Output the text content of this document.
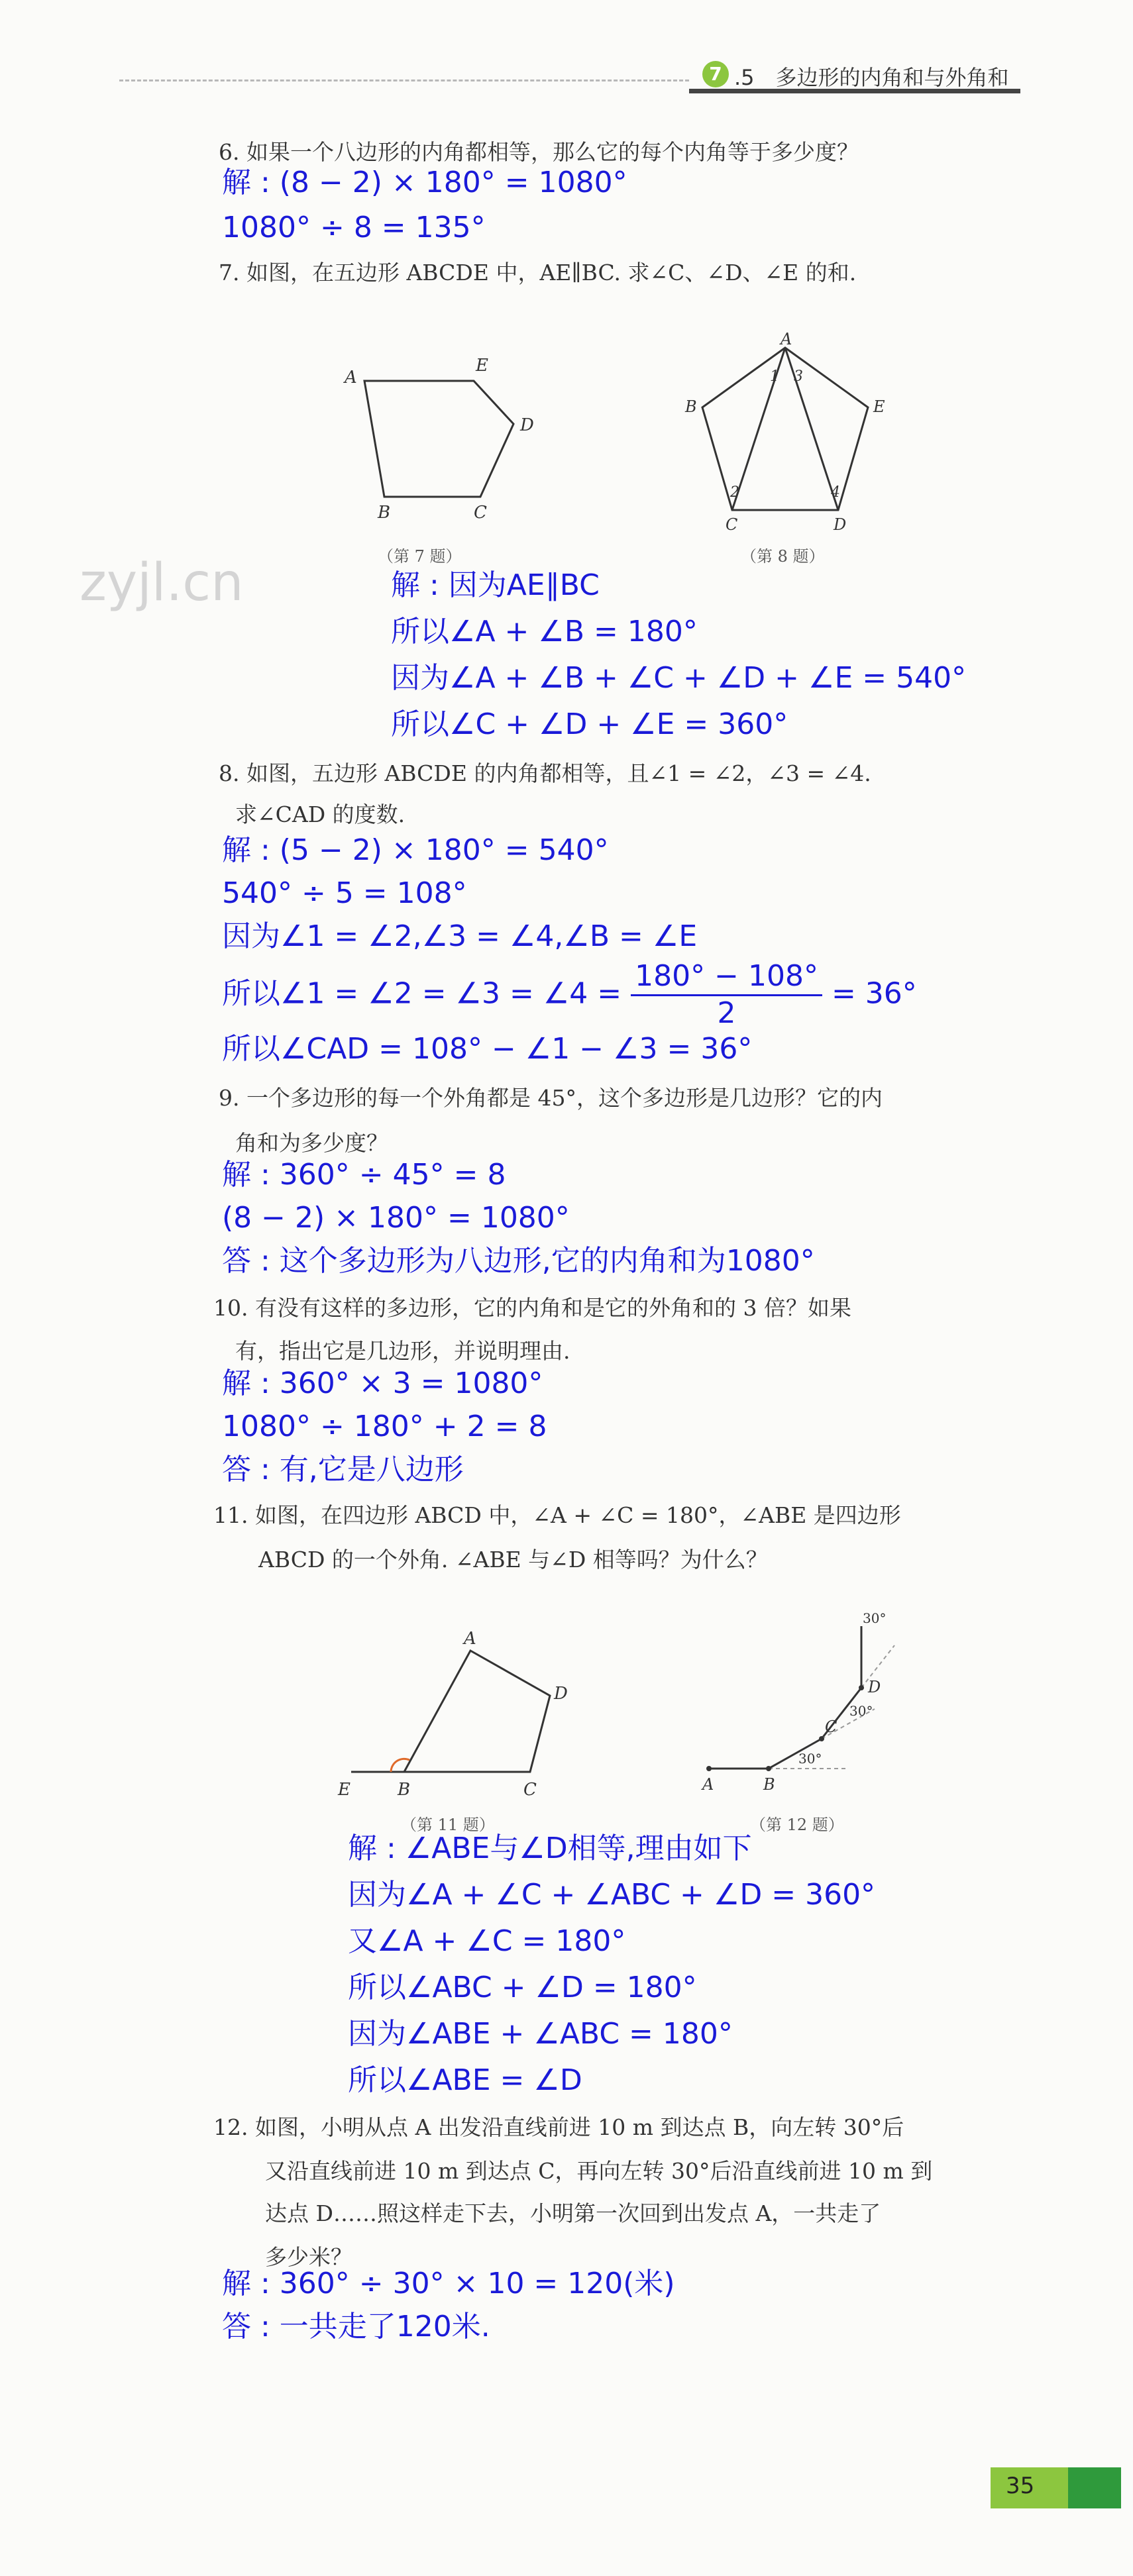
7 .5　多边形的内角和与外角和
6. 如果一个八边形的内角都相等，那么它的每个内角等于多少度？
解 : (8 − 2) × 180° = 1080°
1080° ÷ 8 = 135°
7. 如图，在五边形 ABCDE 中，AE∥BC. 求∠C、∠D、∠E 的和.
A
E
D
B	C
（第 7 题）
A
B	E
C	D
1 3
2	4
（第 8 题）
zyjl.cn	解 : 因为AE∥BC
所以∠A + ∠B = 180°
因为∠A + ∠B + ∠C + ∠D + ∠E = 540°
所以∠C + ∠D + ∠E = 360°
8. 如图，五边形 ABCDE 的内角都相等，且∠1 = ∠2，∠3 = ∠4.
求∠CAD 的度数.
解 : (5 − 2) × 180° = 540°
540° ÷ 5 = 108°
因为∠1 = ∠2,∠3 = ∠4,∠B = ∠E
所以∠1 = ∠2 = ∠3 = ∠4 = $\frac{180^\circ - 108^\circ}{2} = 36^\circ$
所以∠CAD = 108° − ∠1 − ∠3 = 36°
9. 一个多边形的每一个外角都是 45°，这个多边形是几边形？它的内
角和为多少度？
解 : 360° ÷ 45° = 8
(8 − 2) × 180° = 1080°
答 : 这个多边形为八边形,它的内角和为1080°
10. 有没有这样的多边形，它的内角和是它的外角和的 3 倍？如果
有，指出它是几边形，并说明理由.
解 : 360° × 3 = 1080°
1080° ÷ 180° + 2 = 8
答 : 有,它是八边形
11. 如图，在四边形 ABCD 中，∠A + ∠C = 180°，∠ABE 是四边形
ABCD 的一个外角. ∠ABE 与∠D 相等吗？为什么？
A
D
E	B	C
（第 11 题）
30°
D
30°
C
30°
A	B
（第 12 题）
解 : ∠ABE与∠D相等,理由如下
因为∠A + ∠C + ∠ABC + ∠D = 360°
又∠A + ∠C = 180°
所以∠ABC + ∠D = 180°
因为∠ABE + ∠ABC = 180°
所以∠ABE = ∠D
12. 如图，小明从点 A 出发沿直线前进 10 m 到达点 B，向左转 30°后
又沿直线前进 10 m 到达点 C，再向左转 30°后沿直线前进 10 m 到
达点 D……照这样走下去，小明第一次回到出发点 A，一共走了
多少米？
解 : 360° ÷ 30° × 10 = 120(米)
答 : 一共走了120米.
35
